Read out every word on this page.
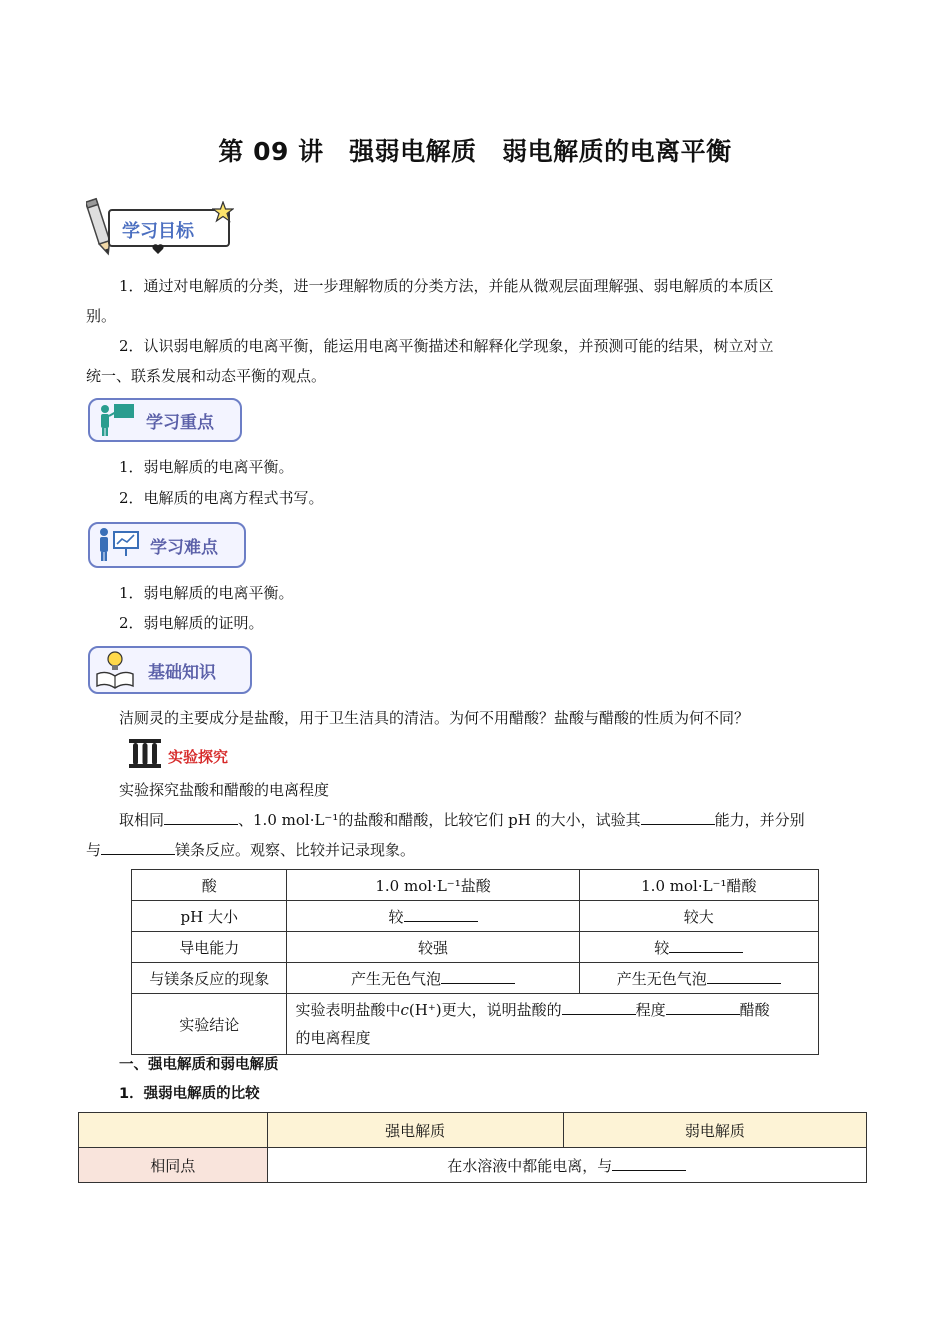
第 09 讲　强弱电解质　弱电解质的电离平衡
学习目标
1．通过对电解质的分类，进一步理解物质的分类方法，并能从微观层面理解强、弱电解质的本质区
别。
2．认识弱电解质的电离平衡，能运用电离平衡描述和解释化学现象，并预测可能的结果，树立对立
统一、联系发展和动态平衡的观点。
学习重点
1．弱电解质的电离平衡。
2．电解质的电离方程式书写。
学习难点
1．弱电解质的电离平衡。
2．弱电解质的证明。
基础知识
洁厕灵的主要成分是盐酸，用于卫生洁具的清洁。为何不用醋酸？盐酸与醋酸的性质为何不同？
实验探究
实验探究盐酸和醋酸的电离程度
取相同	、1.0 mol·L⁻¹的盐酸和醋酸，比较它们 pH 的大小，试验其	能力，并分别
与	镁条反应。观察、比较并记录现象。
酸	1.0 mol·L⁻¹盐酸	1.0 mol·L⁻¹醋酸
pH 大小	较	较大
导电能力	较强	较
与镁条反应的现象	产生无色气泡	产生无色气泡
实验结论	实验表明盐酸中c(H⁺)更大，说明盐酸的 程度 醋酸
的电离程度	
一、强电解质和弱电解质
1．强弱电解质的比较
	强电解质	弱电解质
相同点	在水溶液中都能电离，与	
